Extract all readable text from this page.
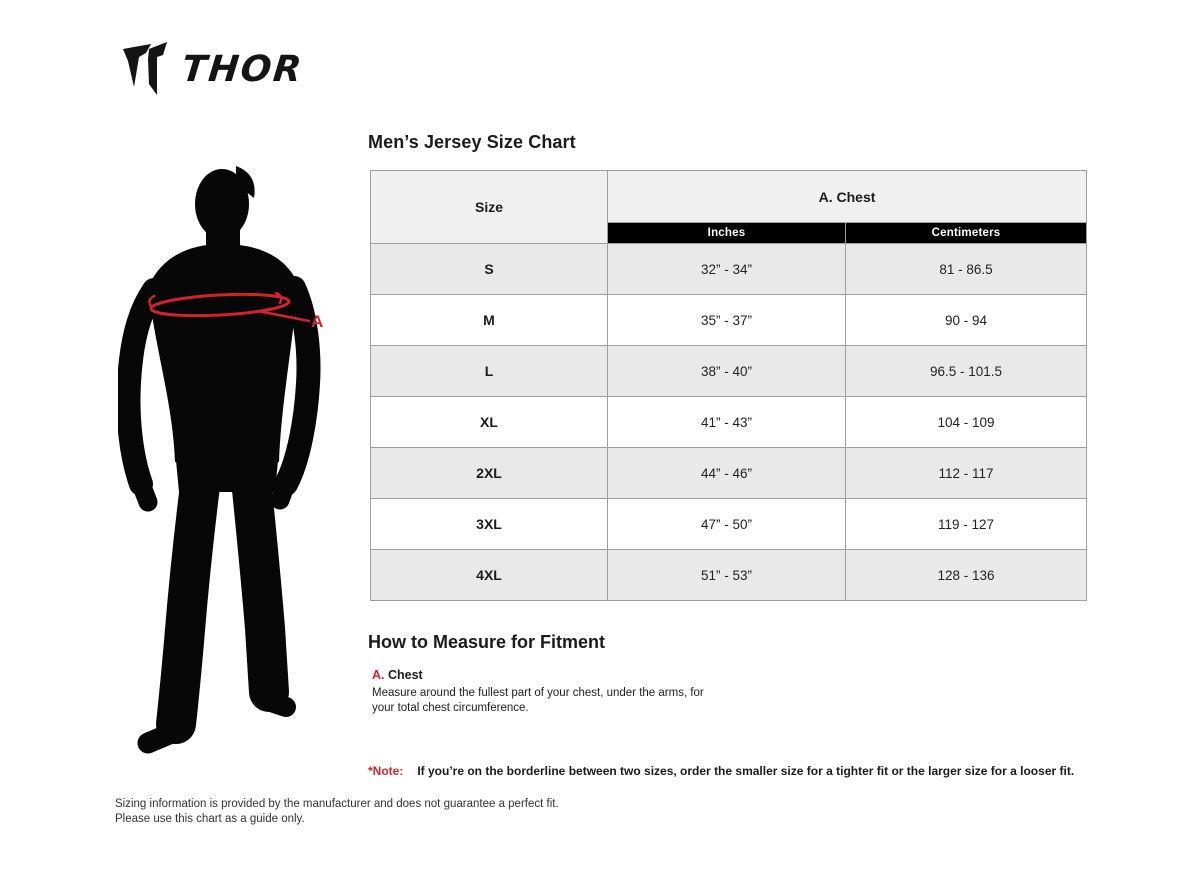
THOR
A
Men’s Jersey Size Chart
Size	A. Chest	
	Inches	Centimeters
S	32” - 34”	81 - 86.5
M	35” - 37”	90 - 94
L	38” - 40”	96.5 - 101.5
XL	41” - 43”	104 - 109
2XL	44” - 46”	112 - 117
3XL	47” - 50”	119 - 127
4XL	51” - 53”	128 - 136
How to Measure for Fitment
A. Chest

Measure around the fullest part of your chest, under the arms, for your total chest circumference.

*Note: If you’re on the borderline between two sizes, order the smaller size for a tighter fit or the larger size for a looser fit.
Sizing information is provided by the manufacturer and does not guarantee a perfect fit.
Please use this chart as a guide only.
